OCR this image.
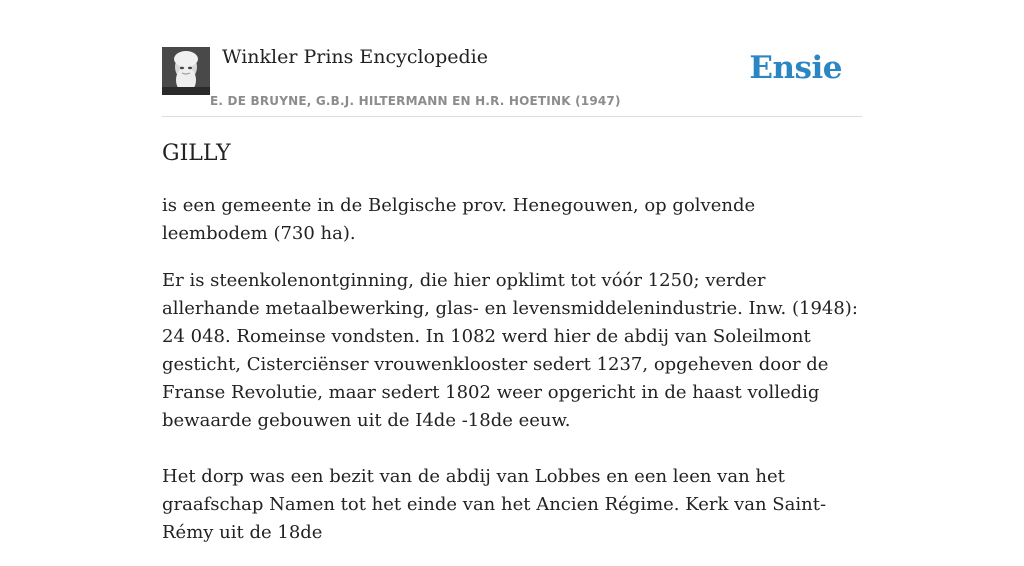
Winkler Prins Encyclopedie
E. DE BRUYNE, G.B.J. HILTERMANN EN H.R. HOETINK (1947)
Ensie
GILLY

is een gemeente in de Belgische prov. Henegouwen, op golvende leembodem (730 ha).

Er is steenkolenontginning, die hier opklimt tot vóór 1250; verder allerhande metaalbewerking, glas- en levensmiddelenindustrie. Inw. (1948): 24 048. Romeinse vondsten. In 1082 werd hier de abdij van Soleilmont gesticht, Cisterciënser vrouwenklooster sedert 1237, opgeheven door de Franse Revolutie, maar sedert 1802 weer opgericht in de haast volledig bewaarde gebouwen uit de I4de -18de eeuw.

Het dorp was een bezit van de abdij van Lobbes en een leen van het graafschap Namen tot het einde van het Ancien Régime. Kerk van Saint-Rémy uit de 18de
